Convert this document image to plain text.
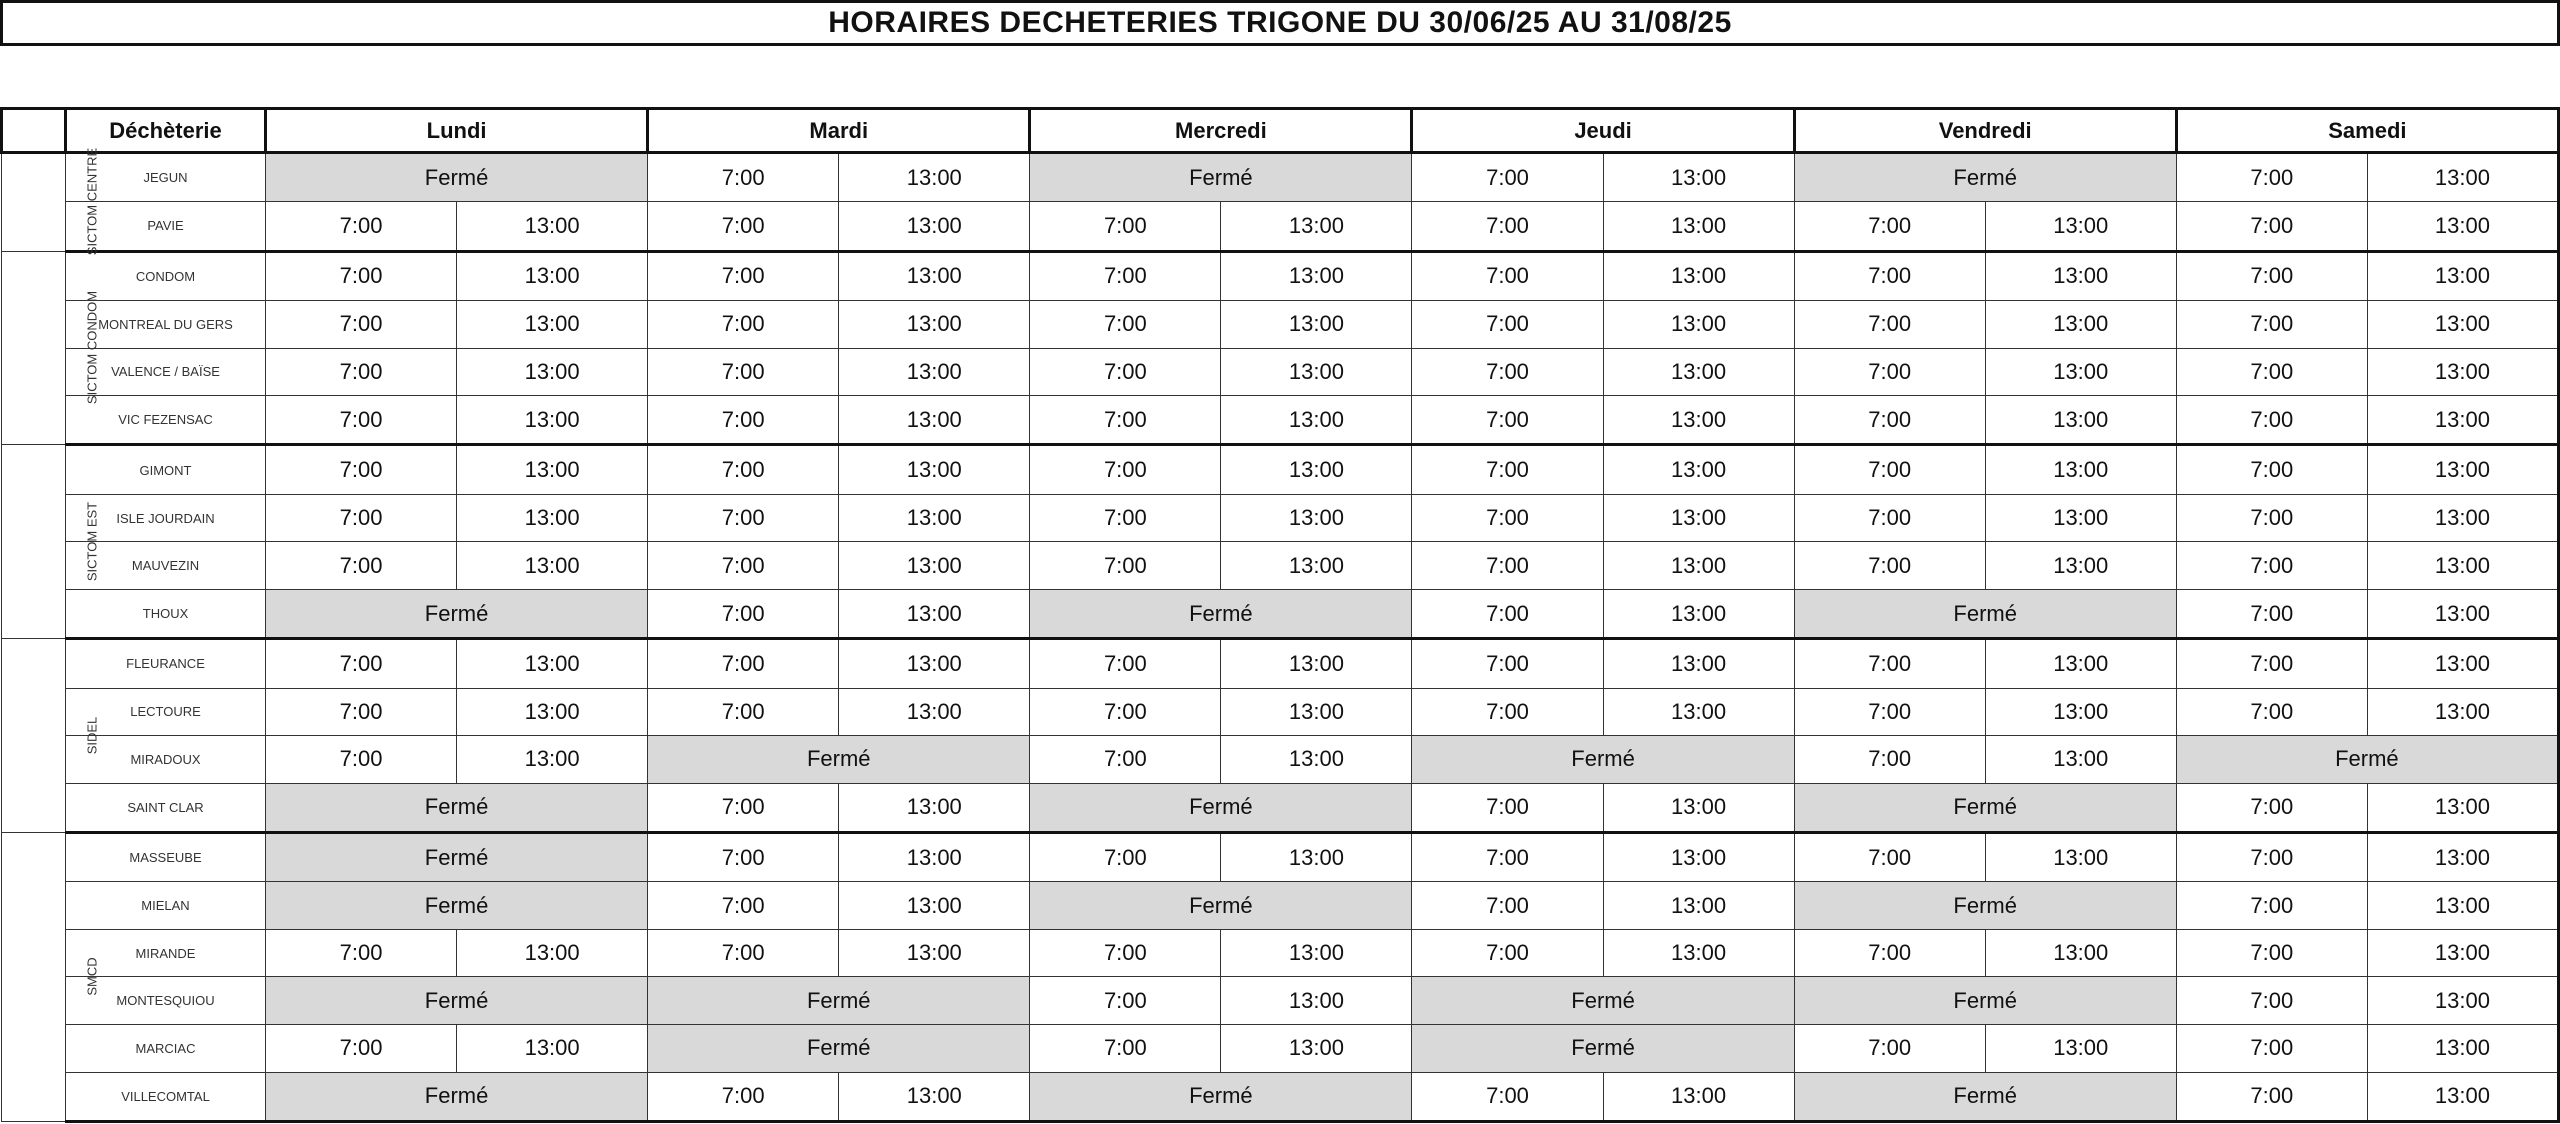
HORAIRES DECHETERIES TRIGONE DU 30/06/25 AU 31/08/25
	Déchèterie	Lundi		Mardi		Mercredi		Jeudi		Vendredi		Samedi	
SICTOM CENTRE	JEGUN	Fermé		7:00	13:00	Fermé		7:00	13:00	Fermé		7:00	13:00
	PAVIE	7:00	13:00	7:00	13:00	7:00	13:00	7:00	13:00	7:00	13:00	7:00	13:00
SICTOM CONDOM	CONDOM	7:00	13:00	7:00	13:00	7:00	13:00	7:00	13:00	7:00	13:00	7:00	13:00
	MONTREAL DU GERS	7:00	13:00	7:00	13:00	7:00	13:00	7:00	13:00	7:00	13:00	7:00	13:00
	VALENCE / BAÏSE	7:00	13:00	7:00	13:00	7:00	13:00	7:00	13:00	7:00	13:00	7:00	13:00
	VIC FEZENSAC	7:00	13:00	7:00	13:00	7:00	13:00	7:00	13:00	7:00	13:00	7:00	13:00
SICTOM EST	GIMONT	7:00	13:00	7:00	13:00	7:00	13:00	7:00	13:00	7:00	13:00	7:00	13:00
	ISLE JOURDAIN	7:00	13:00	7:00	13:00	7:00	13:00	7:00	13:00	7:00	13:00	7:00	13:00
	MAUVEZIN	7:00	13:00	7:00	13:00	7:00	13:00	7:00	13:00	7:00	13:00	7:00	13:00
	THOUX	Fermé		7:00	13:00	Fermé		7:00	13:00	Fermé		7:00	13:00
SIDEL	FLEURANCE	7:00	13:00	7:00	13:00	7:00	13:00	7:00	13:00	7:00	13:00	7:00	13:00
	LECTOURE	7:00	13:00	7:00	13:00	7:00	13:00	7:00	13:00	7:00	13:00	7:00	13:00
	MIRADOUX	7:00	13:00	Fermé		7:00	13:00	Fermé		7:00	13:00	Fermé	
	SAINT CLAR	Fermé		7:00	13:00	Fermé		7:00	13:00	Fermé		7:00	13:00
SMCD	MASSEUBE	Fermé		7:00	13:00	7:00	13:00	7:00	13:00	7:00	13:00	7:00	13:00
	MIELAN	Fermé		7:00	13:00	Fermé		7:00	13:00	Fermé		7:00	13:00
	MIRANDE	7:00	13:00	7:00	13:00	7:00	13:00	7:00	13:00	7:00	13:00	7:00	13:00
	MONTESQUIOU	Fermé		Fermé		7:00	13:00	Fermé		Fermé		7:00	13:00
	MARCIAC	7:00	13:00	Fermé		7:00	13:00	Fermé		7:00	13:00	7:00	13:00
	VILLECOMTAL	Fermé		7:00	13:00	Fermé		7:00	13:00	Fermé		7:00	13:00
